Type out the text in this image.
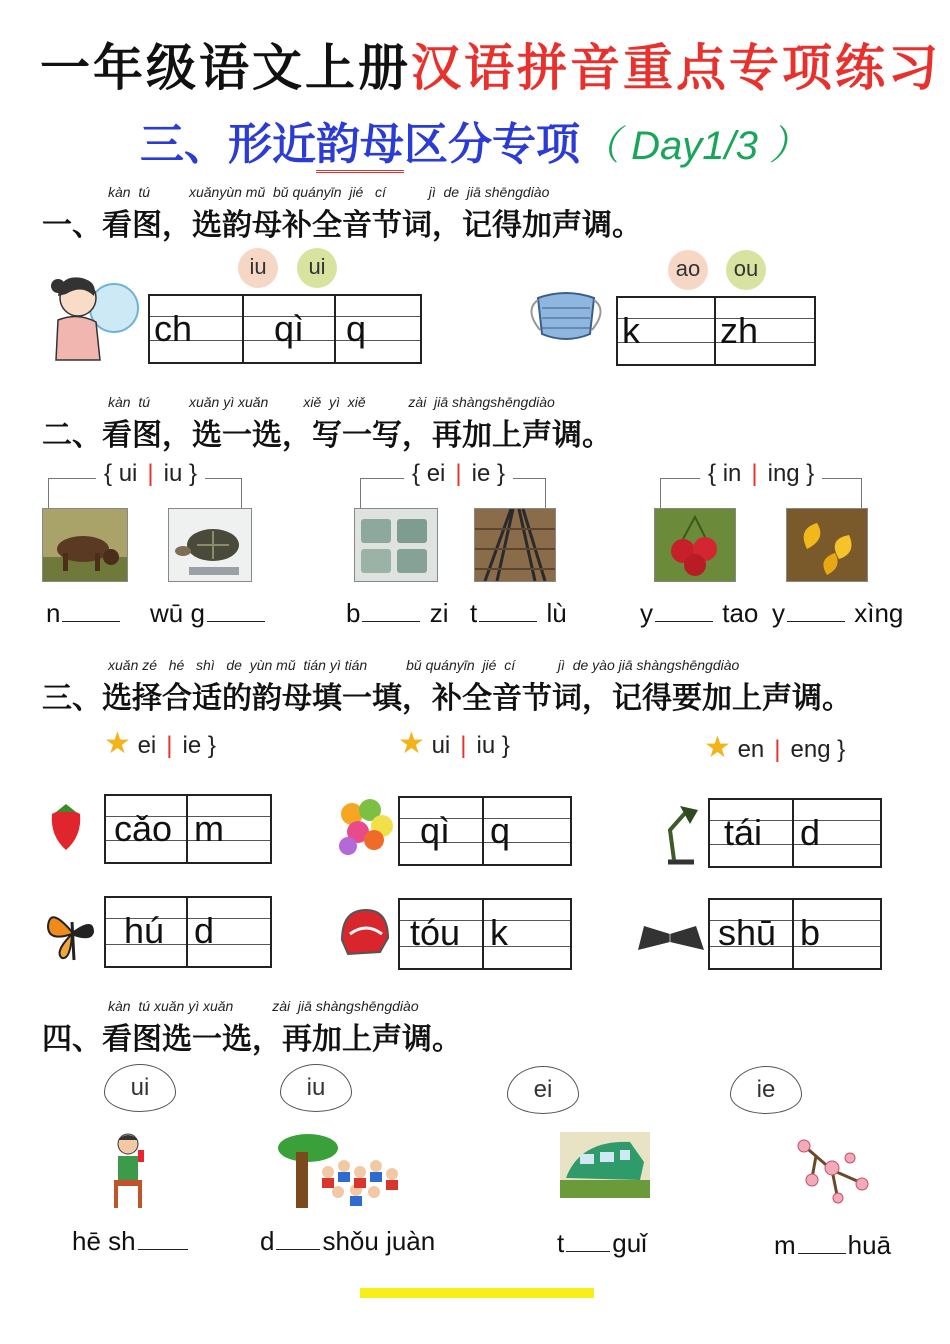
一年级语文上册汉语拼音重点专项练习
三、形近韵母区分专项（ Day1/3 ）
kàn tú	xuǎnyùn mǔ bǔ quányīn jié cí	jì de jiā shēngdiào
一、看图，选韵母补全音节词，记得加声调。
iu	ui	ao	ou
ch qì q	k zh
kàn tú	xuǎn yì xuǎn	xiě yì xiě	zài jiā shàngshēngdiào
二、看图，选一选，写一写，再加上声调。
{ ui | iu }
n	wū g
{ ei | ie }
b	zi t	lù
{ in | ing }
y	tao y	xìng
xuǎn zé hé shì de yùn mǔ tián yì tián	bǔ quányīn jié cí	jì de yào jiā shàngshēngdiào
三、选择合适的韵母填一填，补全音节词，记得要加上声调。
★ ei | ie }	★ ui | iu }	★ en | eng }
cǎo m	qì q	tái d
hú d	tóu k	shū b
kàn tú xuǎn yì xuǎn	zài jiā shàngshēngdiào
四、看图选一选，再加上声调。
ui	iu	ei	ie
hē sh	d shǒu juàn	t guǐ	m huā
